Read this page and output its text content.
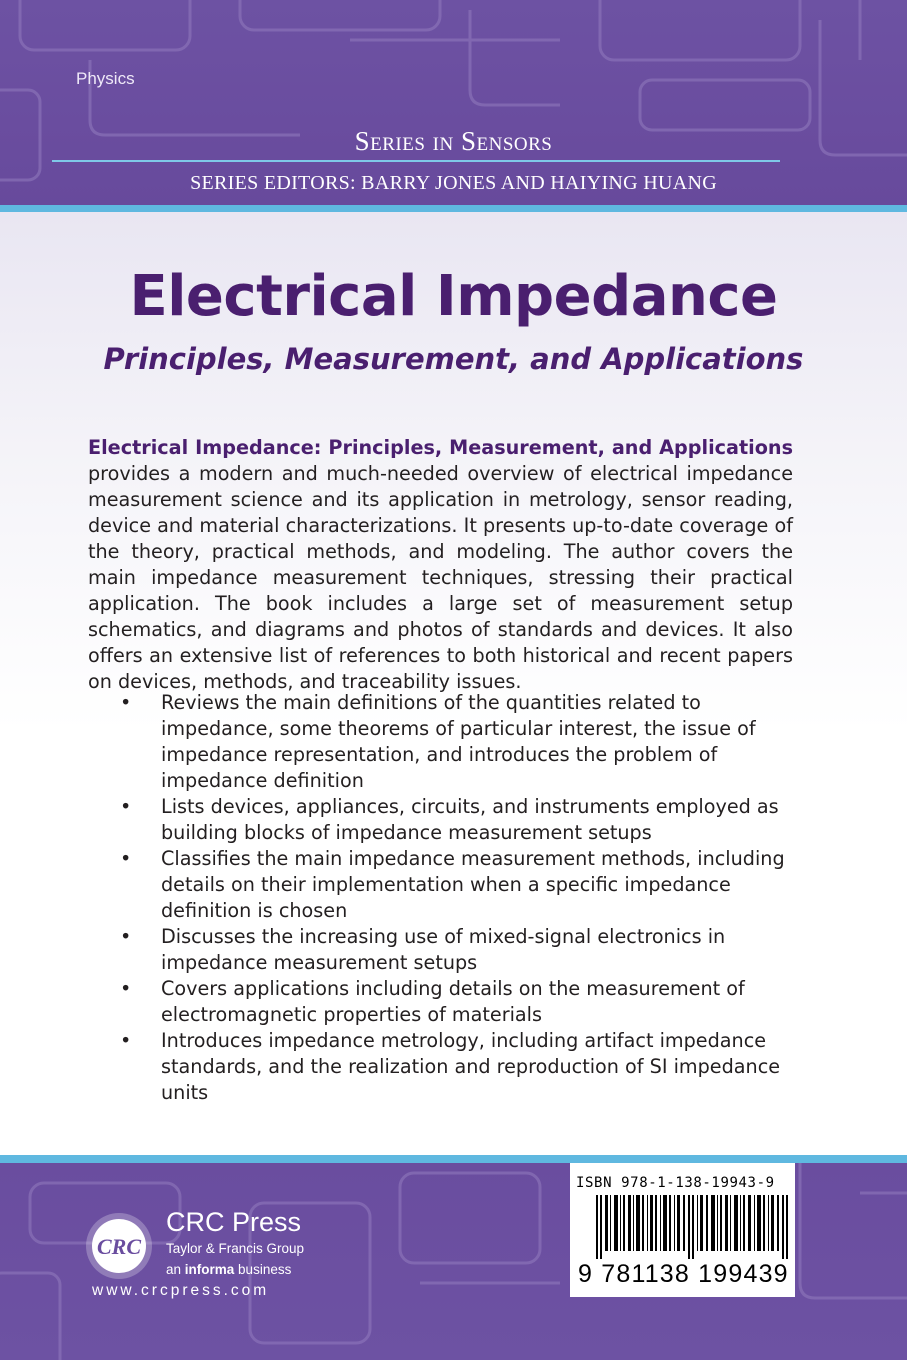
Physics
Series in Sensors
SERIES EDITORS: BARRY JONES AND HAIYING HUANG
Electrical Impedance
Principles, Measurement, and Applications

Electrical Impedance: Principles, Measurement, and Applications provides a modern and much-needed overview of electrical impedance measurement science and its application in metrology, sensor reading, device and material characterizations. It presents up-to-date coverage of the theory, practical methods, and modeling. The author covers the main impedance measurement techniques, stressing their practical application. The book includes a large set of measurement setup schematics, and diagrams and photos of standards and devices. It also offers an extensive list of references to both historical and recent papers on devices, methods, and traceability issues.

• Reviews the main definitions of the quantities related to impedance, some theorems of particular interest, the issue of impedance representation, and introduces the problem of impedance definition
• Lists devices, appliances, circuits, and instruments employed as building blocks of impedance measurement setups
• Classifies the main impedance measurement methods, including details on their implementation when a specific impedance definition is chosen
• Discusses the increasing use of mixed-signal electronics in impedance measurement setups
• Covers applications including details on the measurement of electromagnetic properties of materials
• Introduces impedance metrology, including artifact impedance standards, and the realization and reproduction of SI impedance units
CRC
CRC Press
Taylor & Francis Group
an informa business
www.crcpress.com
ISBN 978-1-138-19943-9
9 781138 199439
